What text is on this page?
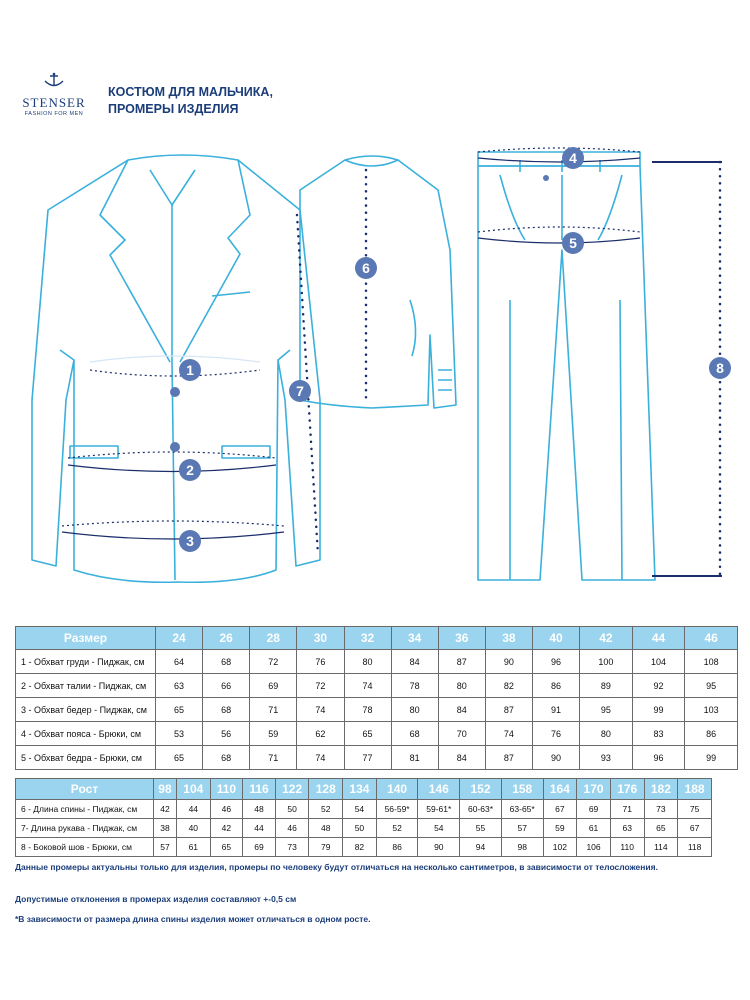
STENSER
FASHION FOR MEN
КОСТЮМ ДЛЯ МАЛЬЧИКА,
ПРОМЕРЫ ИЗДЕЛИЯ
1
2
3
4
5
6
7
8
Размер	24	26	28	30	32	34	36	38	40	42	44	46
1 - Обхват груди - Пиджак, см	64	68	72	76	80	84	87	90	96	100	104	108
2 - Обхват талии - Пиджак, см	63	66	69	72	74	78	80	82	86	89	92	95
3 - Обхват бедер - Пиджак, см	65	68	71	74	78	80	84	87	91	95	99	103
4 - Обхват пояса - Брюки, см	53	56	59	62	65	68	70	74	76	80	83	86
5 - Обхват бедра - Брюки, см	65	68	71	74	77	81	84	87	90	93	96	99
Рост	98	104	110	116	122	128	134	140	146	152	158	164	170	176	182	188
6 - Длина спины - Пиджак, см	42	44	46	48	50	52	54	56-59*	59-61*	60-63*	63-65*	67	69	71	73	75
7- Длина рукава - Пиджак, см	38	40	42	44	46	48	50	52	54	55	57	59	61	63	65	67
8 - Боковой шов - Брюки, см	57	61	65	69	73	79	82	86	90	94	98	102	106	110	114	118
Данные промеры актуальны только для изделия, промеры по человеку будут отличаться на несколько сантиметров, в зависимости от телосложения.
Допустимые отклонения в промерах изделия составляют +-0,5 см
*В зависимости от размера длина спины изделия может отличаться в одном росте.
